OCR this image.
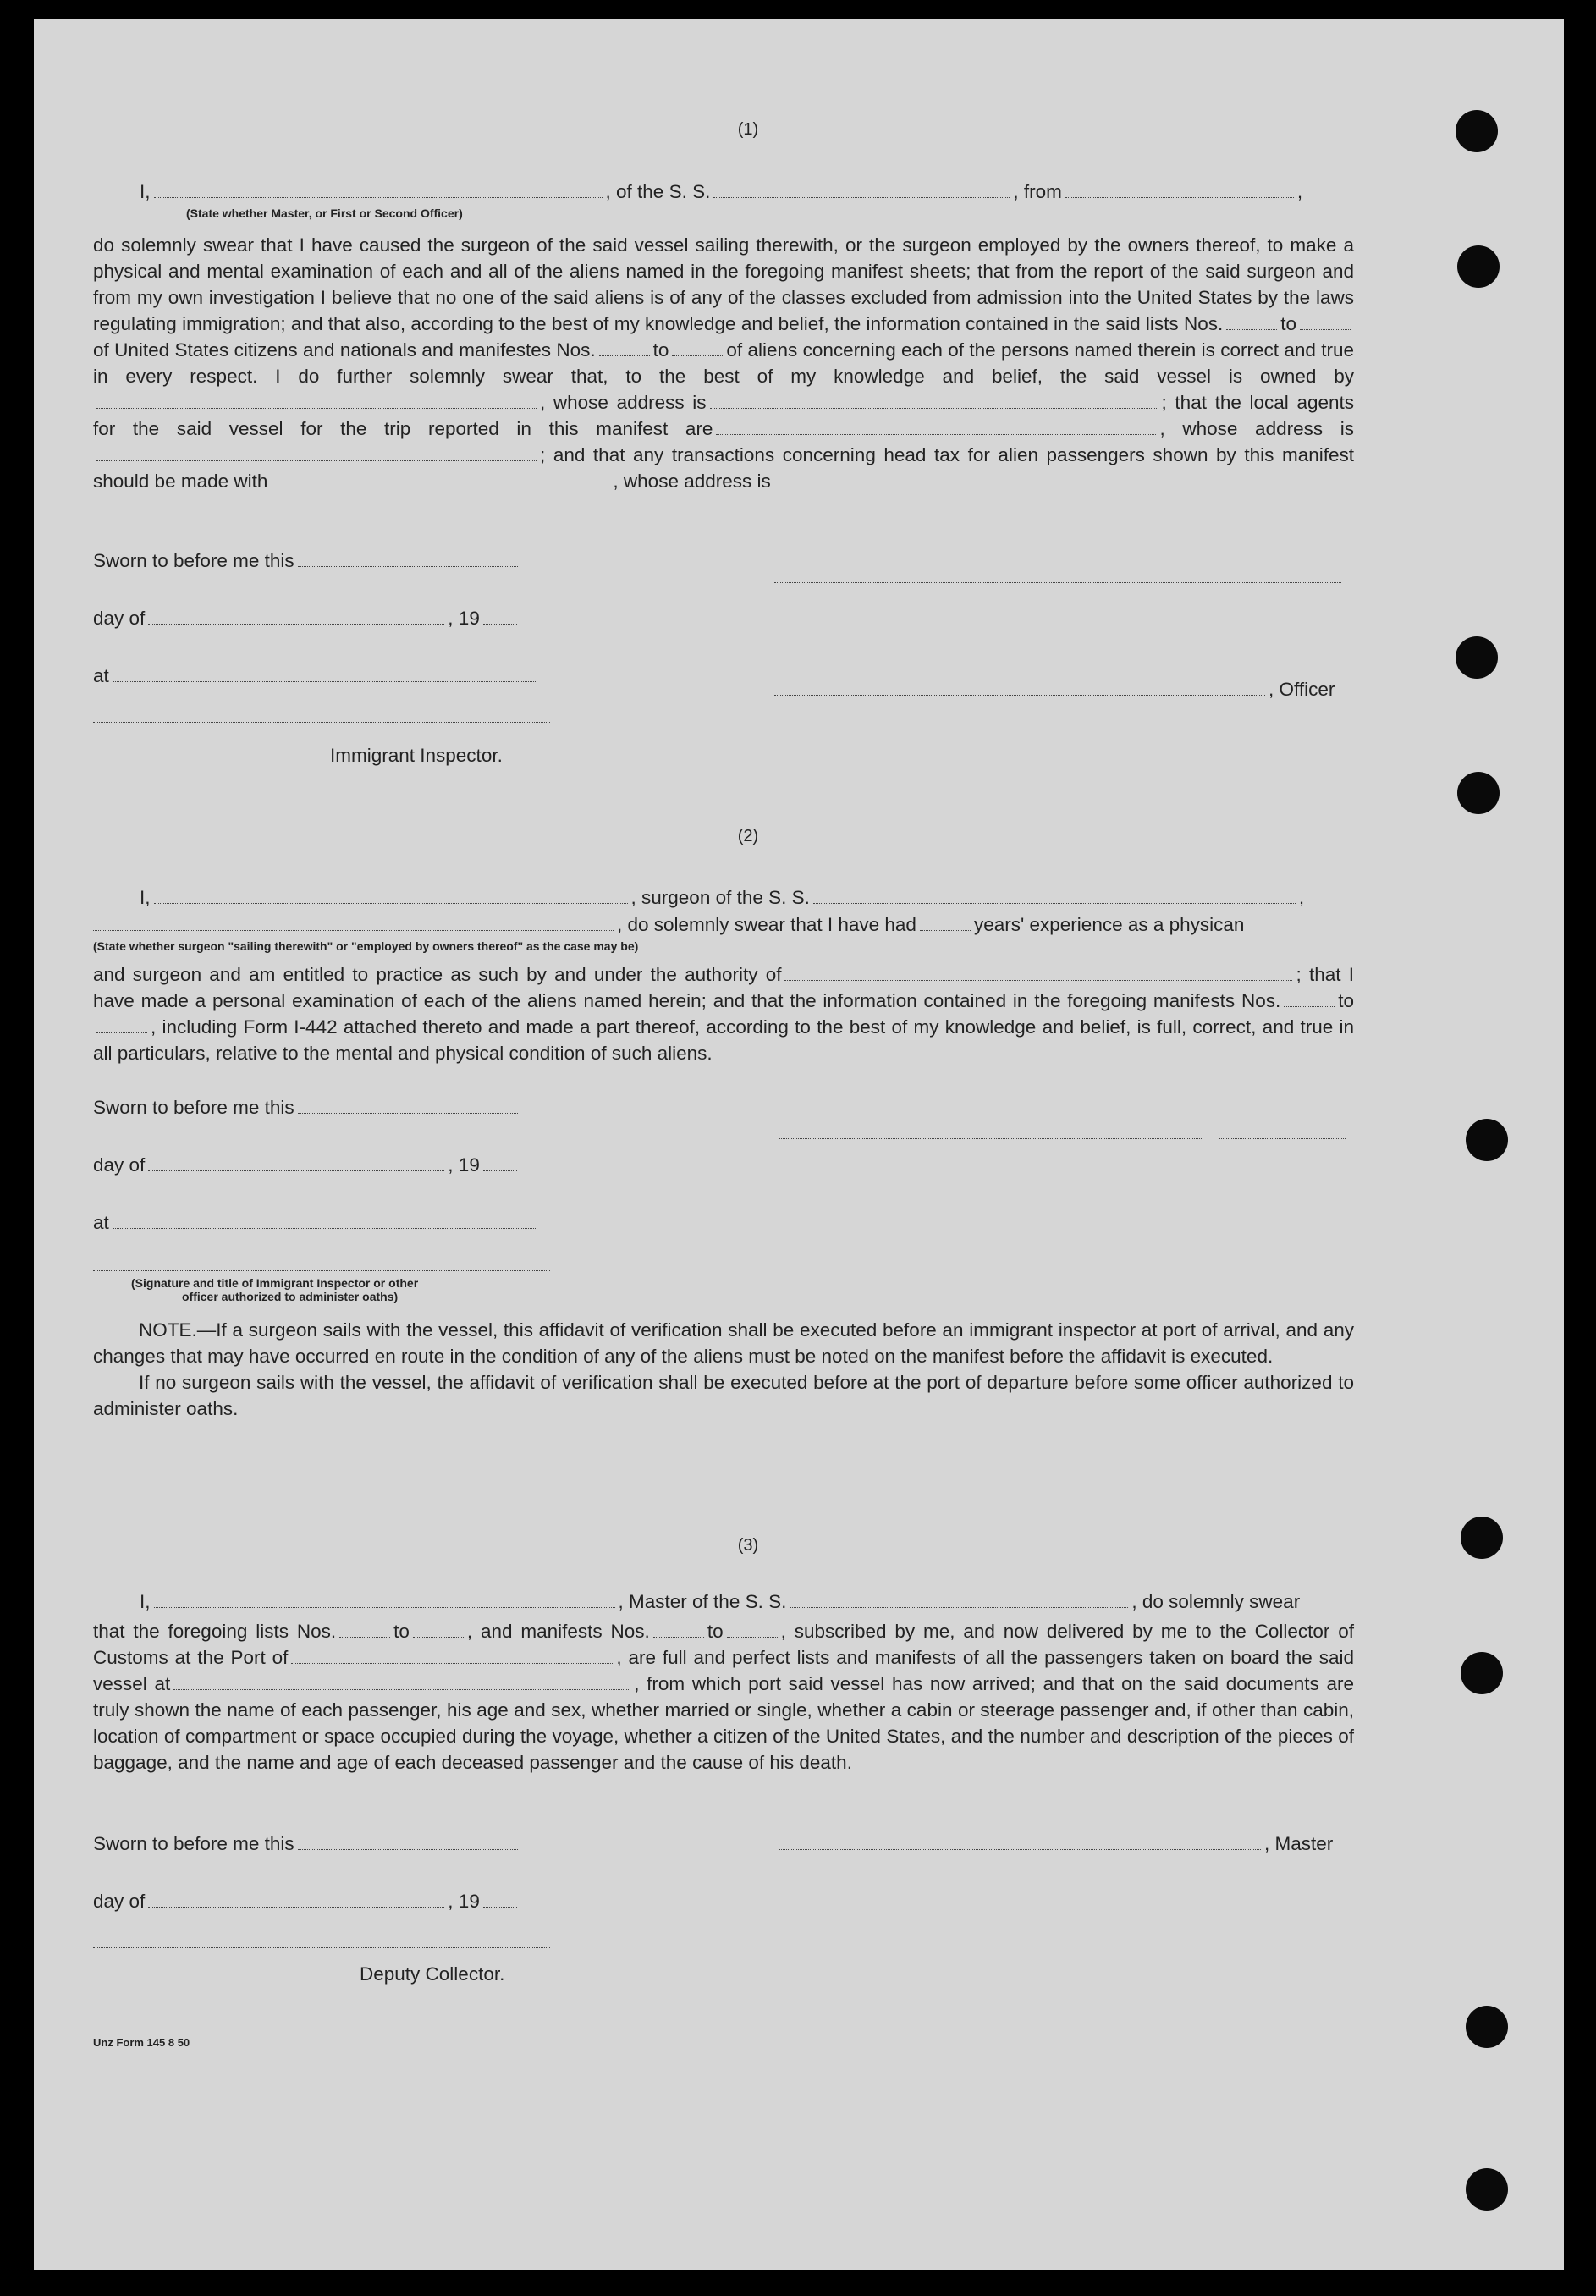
(1)
I,	, of the S. S.	, from	,
(State whether Master, or First or Second Officer)

do solemnly swear that I have caused the surgeon of the said vessel sailing therewith, or the surgeon employed by the owners thereof, to make a physical and mental examination of each and all of the aliens named in the foregoing manifest sheets; that from the report of the said surgeon and from my own investigation I believe that no one of the said aliens is of any of the classes excluded from admission into the United States by the laws regulating immigration; and that also, according to the best of my knowledge and belief, the information contained in the said lists Nos.	toof United States citizens and nationals and manifestes Nos.	to	of aliens concerning each of the persons named therein is correct and true in every respect. I do further solemnly swear that, to the best of my knowledge and belief, the said vessel is owned by, whose address is	; that the local agents for the said vessel for the trip reported in this manifest are	, whose address is; and that any transactions concerning head tax for alien passengers shown by this manifest should be made with	, whose address is

Sworn to before me this
day of	, 19
at
, Officer
Immigrant Inspector.
(2)
I,	, surgeon of the S. S.	,
, do solemnly swear that I have had	years' experience as a physican
(State whether surgeon "sailing therewith" or "employed by owners thereof" as the case may be)

and surgeon and am entitled to practice as such by and under the authority of	; that I have made a personal examination of each of the aliens named herein; and that the information contained in the foregoing manifests Nos.	to, including Form I-442 attached thereto and made a part thereof, according to the best of my knowledge and belief, is full, correct, and true in all particulars, relative to the mental and physical condition of such aliens.

Sworn to before me this
day of	, 19
at
(Signature and title of Immigrant Inspector or other
officer authorized to administer oaths)

NOTE.—If a surgeon sails with the vessel, this affidavit of verification shall be executed before an immigrant inspector at port of arrival, and any changes that may have occurred en route in the condition of any of the aliens must be noted on the manifest before the affidavit is executed.

If no surgeon sails with the vessel, the affidavit of verification shall be executed before at the port of departure before some officer authorized to administer oaths.

(3)
I,	, Master of the S. S.	, do solemnly swear

that the foregoing lists Nos.	to	, and manifests Nos.	to	, subscribed by me, and now delivered by me to the Collector of Customs at the Port of	, are full and perfect lists and manifests of all the passengers taken on board the said vessel at	, from which port said vessel has now arrived; and that on the said documents are truly shown the name of each passenger, his age and sex, whether married or single, whether a cabin or steerage passenger and, if other than cabin, location of compartment or space occupied during the voyage, whether a citizen of the United States, and the number and description of the pieces of baggage, and the name and age of each deceased passenger and the cause of his death.

Sworn to before me this	, Master
day of	, 19
Deputy Collector.
Unz Form 145 8 50
